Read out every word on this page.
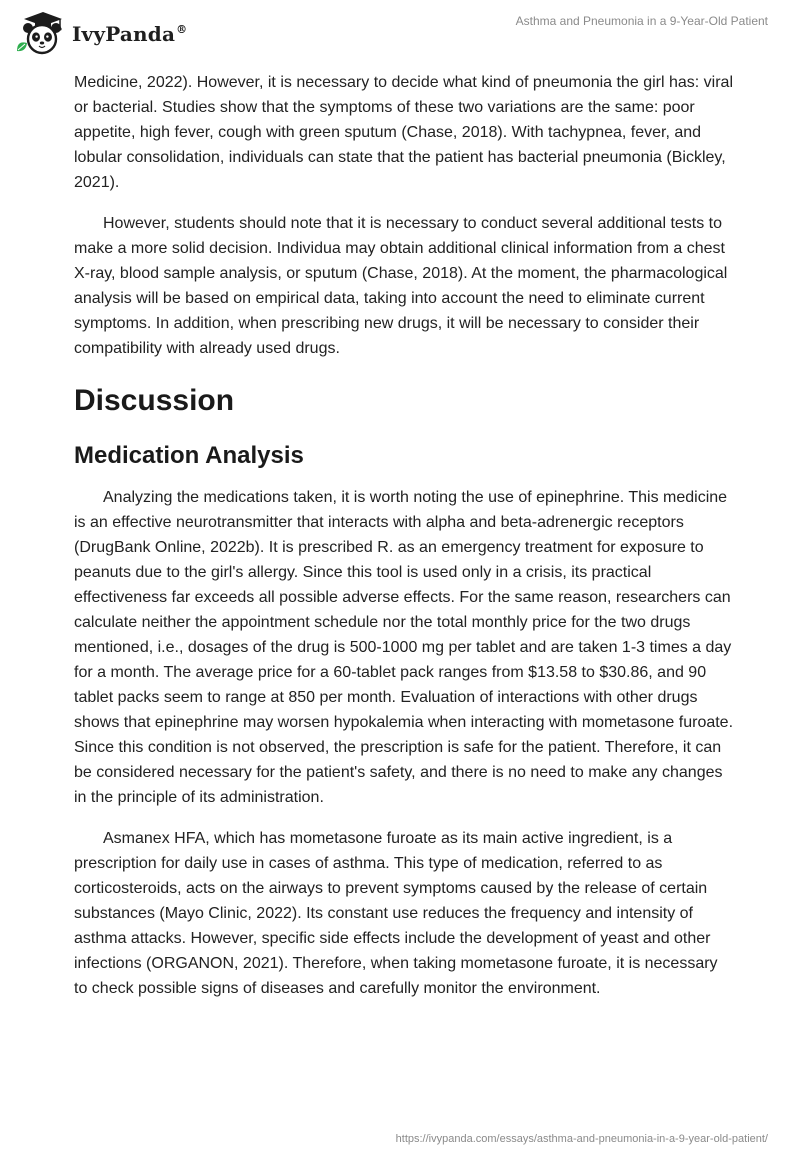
IvyPanda®
Asthma and Pneumonia in a 9-Year-Old Patient

Medicine, 2022). However, it is necessary to decide what kind of pneumonia the girl has: viral or bacterial. Studies show that the symptoms of these two variations are the same: poor appetite, high fever, cough with green sputum (Chase, 2018). With tachypnea, fever, and lobular consolidation, individuals can state that the patient has bacterial pneumonia (Bickley, 2021).

However, students should note that it is necessary to conduct several additional tests to make a more solid decision. Individua may obtain additional clinical information from a chest X-ray, blood sample analysis, or sputum (Chase, 2018). At the moment, the pharmacological analysis will be based on empirical data, taking into account the need to eliminate current symptoms. In addition, when prescribing new drugs, it will be necessary to consider their compatibility with already used drugs.

Discussion
Medication Analysis

Analyzing the medications taken, it is worth noting the use of epinephrine. This medicine is an effective neurotransmitter that interacts with alpha and beta-adrenergic receptors (DrugBank Online, 2022b). It is prescribed R. as an emergency treatment for exposure to peanuts due to the girl's allergy. Since this tool is used only in a crisis, its practical effectiveness far exceeds all possible adverse effects. For the same reason, researchers can calculate neither the appointment schedule nor the total monthly price for the two drugs mentioned, i.e., dosages of the drug is 500-1000 mg per tablet and are taken 1-3 times a day for a month. The average price for a 60-tablet pack ranges from $13.58 to $30.86, and 90 tablet packs seem to range at 850 per month. Evaluation of interactions with other drugs shows that epinephrine may worsen hypokalemia when interacting with mometasone furoate. Since this condition is not observed, the prescription is safe for the patient. Therefore, it can be considered necessary for the patient's safety, and there is no need to make any changes in the principle of its administration.

Asmanex HFA, which has mometasone furoate as its main active ingredient, is a prescription for daily use in cases of asthma. This type of medication, referred to as corticosteroids, acts on the airways to prevent symptoms caused by the release of certain substances (Mayo Clinic, 2022). Its constant use reduces the frequency and intensity of asthma attacks. However, specific side effects include the development of yeast and other infections (ORGANON, 2021). Therefore, when taking mometasone furoate, it is necessary to check possible signs of diseases and carefully monitor the environment.

https://ivypanda.com/essays/asthma-and-pneumonia-in-a-9-year-old-patient/
